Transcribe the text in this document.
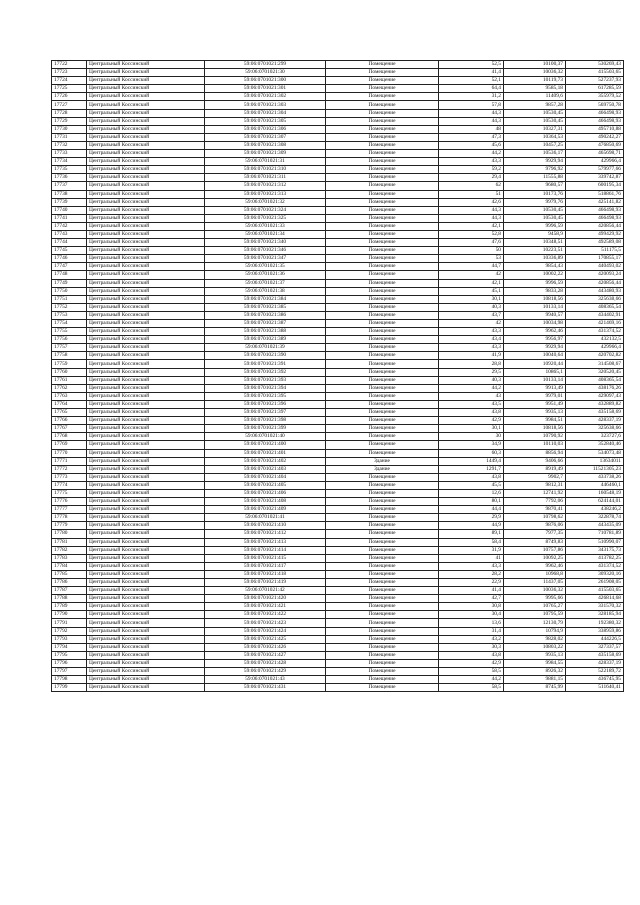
17722	Центральный Коссинский	59:06:0701021:299	Помещение	52,5	10100,37	530269,43
17723	Центральный Коссинский	59:06:0701021:30	Помещение	41,4	10036,32	415503,65
17724	Центральный Коссинский	59:06:0701021:300	Помещение	52,1	10119,73	527237,93
17725	Центральный Коссинский	59:06:0701021:301	Помещение	64,4	9585,18	617285,59
17726	Центральный Коссинский	59:06:0701021:302	Помещение	31,2	11409,6	355979,52
17727	Центральный Коссинский	59:06:0701021:303	Помещение	57,8	9857,28	569750,78
17728	Центральный Коссинский	59:06:0701021:304	Помещение	44,3	10530,45	466498,93
17729	Центральный Коссинский	59:06:0701021:305	Помещение	44,3	10530,45	466498,93
17730	Центральный Коссинский	59:06:0701021:306	Помещение	48	10327,31	495710,88
17731	Центральный Коссинский	59:06:0701021:307	Помещение	47,3	10364,53	490242,27
17732	Центральный Коссинский	59:06:0701021:308	Помещение	45,6	10457,25	476850,69
17733	Центральный Коссинский	59:06:0701021:309	Помещение	44,2	10536,17	465698,71
17734	Центральный Коссинский	59:06:0701021:31	Помещение	43,3	9929,94	429966,4
17735	Центральный Коссинский	59:06:0701021:310	Помещение	59,2	9796,92	579977,66
17736	Центральный Коссинский	59:06:0701021:311	Помещение	29,4	11555,88	339742,87
17737	Центральный Коссинский	59:06:0701021:312	Помещение	62	9680,57	600195,34
17738	Центральный Коссинский	59:06:0701021:313	Помещение	51	10173,76	518861,76
17739	Центральный Коссинский	59:06:0701021:32	Помещение	42,6	9979,76	425141,82
17740	Центральный Коссинский	59:06:0701021:324	Помещение	44,3	10530,45	466498,93
17741	Центральный Коссинский	59:06:0701021:325	Помещение	44,3	10530,45	466498,93
17742	Центральный Коссинский	59:06:0701021:33	Помещение	42,1	9996,59	420856,44
17743	Центральный Коссинский	59:06:0701021:34	Помещение	52,8	9458,9	499429,92
17744	Центральный Коссинский	59:06:0701021:340	Помещение	47,6	10348,51	492589,08
17745	Центральный Коссинский	59:06:0701021:346	Помещение	50	10223,51	511175,5
17746	Центральный Коссинский	59:06:0701021:347	Помещение	53	10336,89	170855,17
17747	Центральный Коссинский	59:06:0701021:35	Помещение	44,7	9854,43	440493,02
17748	Центральный Коссинский	59:06:0701021:36	Помещение	42	10002,22	420093,24
17749	Центральный Коссинский	59:06:0701021:37	Помещение	42,1	9996,59	420856,44
17750	Центральный Коссинский	59:06:0701021:38	Помещение	45,1	9833,28	443480,93
17751	Центральный Коссинский	59:06:0701021:384	Помещение	30,1	10818,56	325638,66
17752	Центральный Коссинский	59:06:0701021:385	Помещение	40,3	10133,14	408365,54
17753	Центральный Коссинский	59:06:0701021:386	Помещение	43,7	9940,57	434402,91
17754	Центральный Коссинский	59:06:0701021:387	Помещение	42	10034,98	421469,16
17755	Центральный Коссинский	59:06:0701021:388	Помещение	43,3	9962,46	431374,52
17756	Центральный Коссинский	59:06:0701021:389	Помещение	43,4	9956,97	432132,5
17757	Центральный Коссинский	59:06:0701021:39	Помещение	43,3	9929,94	429966,4
17758	Центральный Коссинский	59:06:0701021:390	Помещение	41,9	10040,64	420702,82
17759	Центральный Коссинский	59:06:0701021:391	Помещение	28,8	10920,44	314508,67
17760	Центральный Коссинский	59:06:0701021:392	Помещение	29,5	10865,1	320520,45
17761	Центральный Коссинский	59:06:0701021:393	Помещение	40,3	10133,14	408365,54
17762	Центральный Коссинский	59:06:0701021:394	Помещение	44,2	9913,49	438176,26
17763	Центральный Коссинский	59:06:0701021:395	Помещение	43	9979,01	429097,43
17764	Центральный Коссинский	59:06:0701021:396	Помещение	43,5	9951,49	432889,82
17765	Центральный Коссинский	59:06:0701021:397	Помещение	43,8	9935,13	435158,69
17766	Центральный Коссинский	59:06:0701021:398	Помещение	42,9	9984,51	428337,19
17767	Центральный Коссинский	59:06:0701021:399	Помещение	30,1	10818,56	325638,66
17768	Центральный Коссинский	59:06:0701021:40	Помещение	30	10790,92	323727,6
17769	Центральный Коссинский	59:06:0701021:400	Помещение	34,9	10110,03	352840,46
17770	Центральный Коссинский	59:06:0701021:401	Помещение	60,3	8856,94	534073,48
17771	Центральный Коссинский	59:06:0701021:402	Здание	1449,4	9406,66	13634011
17772	Центральный Коссинский	59:06:0701021:403	Здание	1291,7	8919,49	11521305,23
17773	Центральный Коссинский	59:06:0701021:404	Помещение	43,8	9902,7	433738,26
17774	Центральный Коссинский	59:06:0701021:405	Помещение	45,5	9812,31	446460,1
17775	Центральный Коссинский	59:06:0701021:406	Помещение	12,6	12741,92	160548,19
17776	Центральный Коссинский	59:06:0701021:408	Помещение	80,1	7792,06	624144,01
17777	Центральный Коссинский	59:06:0701021:409	Помещение	44,4	9870,41	438246,2
17778	Центральный Коссинский	59:06:0701021:41	Помещение	29,9	10798,62	322878,74
17779	Центральный Коссинский	59:06:0701021:410	Помещение	44,9	9876,06	443435,09
17780	Центральный Коссинский	59:06:0701021:412	Помещение	89,1	7977,35	710781,89
17781	Центральный Коссинский	59:06:0701021:413	Помещение	58,4	8749,83	510990,07
17782	Центральный Коссинский	59:06:0701021:414	Помещение	31,9	10757,86	343175,73
17783	Центральный Коссинский	59:06:0701021:415	Помещение	41	10092,25	413782,25
17784	Центральный Коссинский	59:06:0701021:417	Помещение	43,3	9962,46	431374,52
17785	Центральный Коссинский	59:06:0701021:418	Помещение	28,2	10968,8	309320,16
17786	Центральный Коссинский	59:06:0701021:419	Помещение	22,9	11437,05	261908,05
17787	Центральный Коссинский	59:06:0701021:42	Помещение	41,4	10036,32	415503,65
17788	Центральный Коссинский	59:06:0701021:420	Помещение	42,7	9995,66	426814,68
17789	Центральный Коссинский	59:06:0701021:421	Помещение	30,8	10765,27	331570,32
17790	Центральный Коссинский	59:06:0701021:422	Помещение	30,4	10795,59	328185,94
17791	Центральный Коссинский	59:06:0701021:423	Помещение	13,6	12130,79	192380,32
17792	Центральный Коссинский	59:06:0701021:424	Помещение	31,4	10794,9	338959,86
17793	Центральный Коссинский	59:06:0701021:425	Помещение	43,2	9828,02	444226,5
17794	Центральный Коссинский	59:06:0701021:426	Помещение	30,3	10803,22	327337,57
17795	Центральный Коссинский	59:06:0701021:427	Помещение	43,8	9935,13	435158,69
17796	Центральный Коссинский	59:06:0701021:428	Помещение	42,9	9984,55	428337,19
17797	Центральный Коссинский	59:06:0701021:429	Помещение	58,5	8926,32	522189,72
17798	Центральный Коссинский	59:06:0701021:43	Помещение	44,2	9881,15	436745,95
17799	Центральный Коссинский	59:06:0701021:431	Помещение	58,5	8745,99	511640,41
